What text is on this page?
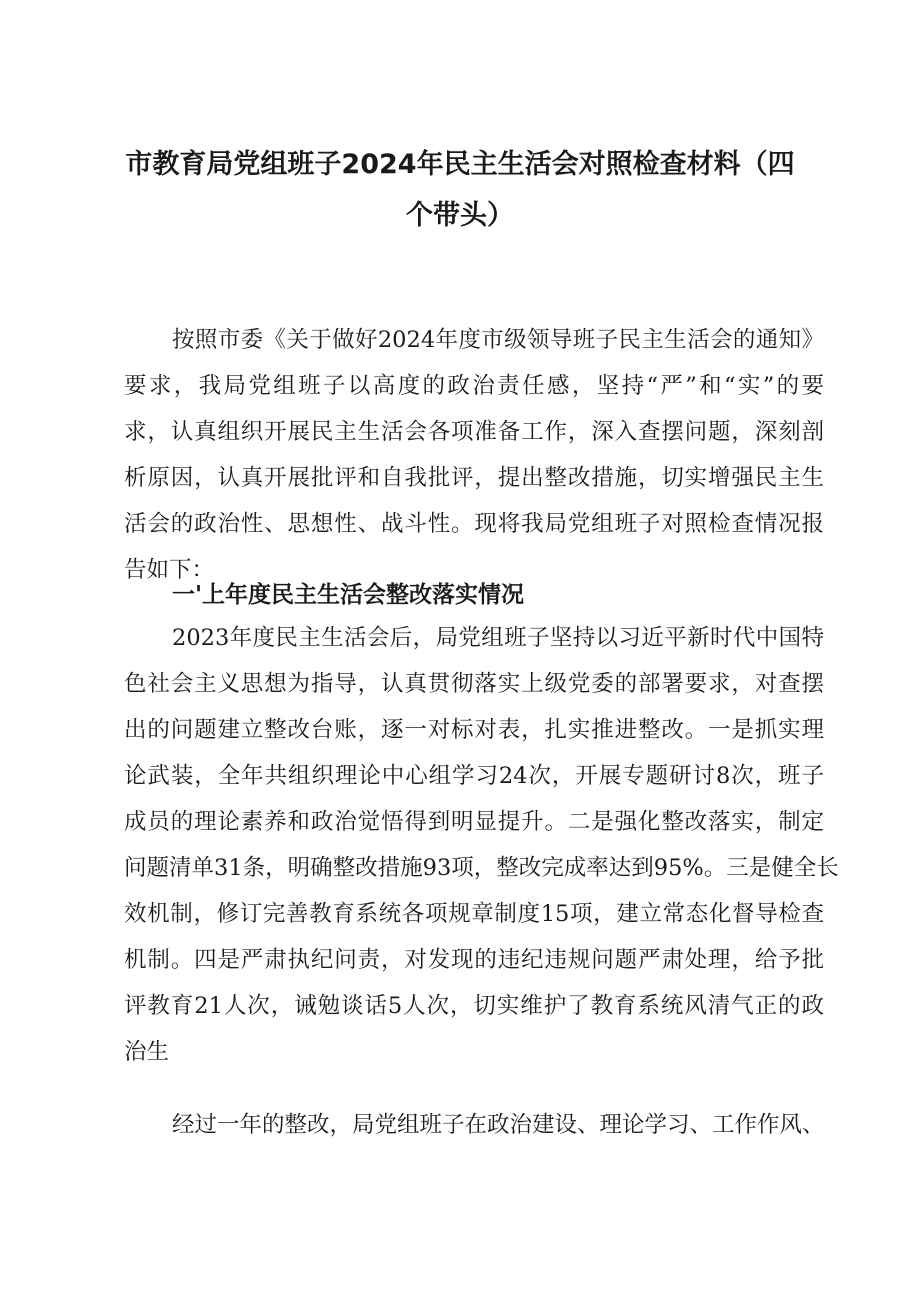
市教育局党组班子2024年民主生活会对照检查材料（四
个带头）

按照市委《关于做好2024年度市级领导班子民主生活会的通知》

要求，我局党组班子以高度的政治责任感，坚持“严”和“实”的要

求，认真组织开展民主生活会各项准备工作，深入查摆问题，深刻剖

析原因，认真开展批评和自我批评，提出整改措施，切实增强民主生

活会的政治性、思想性、战斗性。现将我局党组班子对照检查情况报

告如下：

一'上年度民主生活会整改落实情况

2023年度民主生活会后，局党组班子坚持以习近平新时代中国特

色社会主义思想为指导，认真贯彻落实上级党委的部署要求，对查摆

出的问题建立整改台账，逐一对标对表，扎实推进整改。一是抓实理

论武装，全年共组织理论中心组学习24次，开展专题研讨8次，班子

成员的理论素养和政治觉悟得到明显提升。二是强化整改落实，制定

问题清单31条，明确整改措施93项，整改完成率达到95%。三是健全长

效机制，修订完善教育系统各项规章制度15项，建立常态化督导检查

机制。四是严肃执纪问责，对发现的违纪违规问题严肃处理，给予批

评教育21人次，诫勉谈话5人次，切实维护了教育系统风清气正的政

治生

经过一年的整改，局党组班子在政治建设、理论学习、工作作风、
